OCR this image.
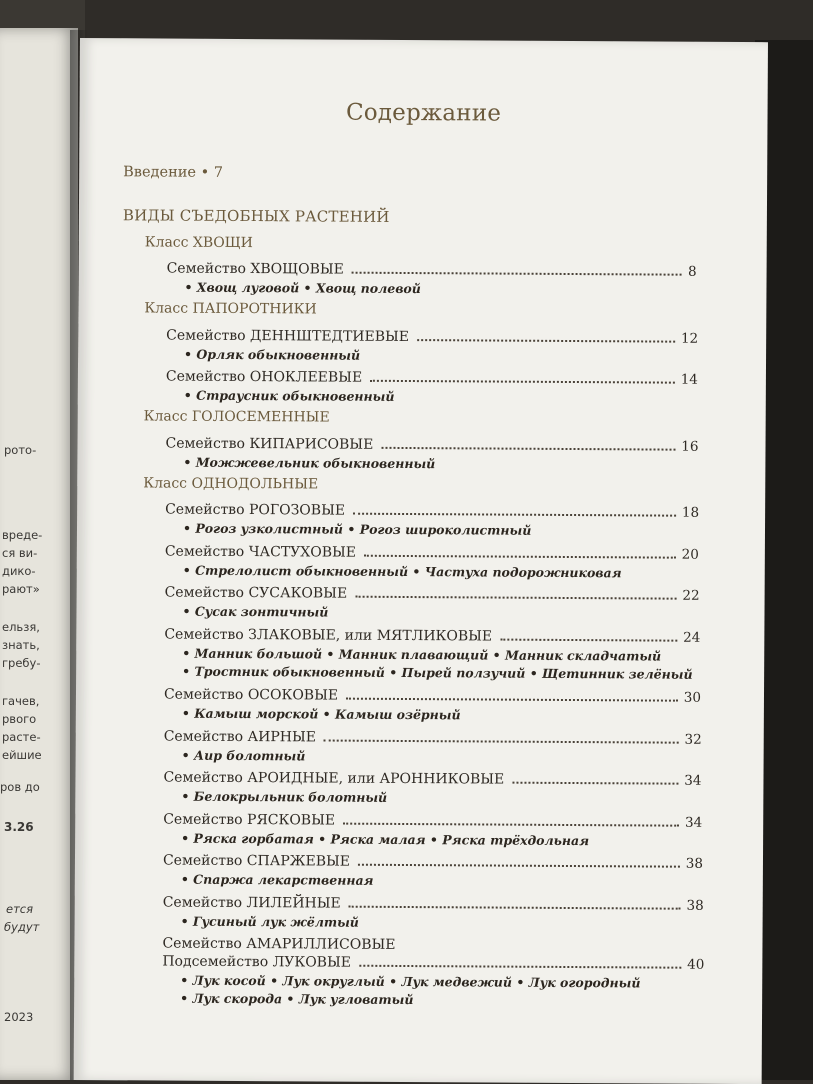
рото-
вреде-
ся ви-
дико-
рают»
ельзя,
знать,
гребу-
гачев,
рвого
расте-
ейшие
ров до
3.26
ется
будут
2023
Содержание
Введение • 7
ВИДЫ СЪЕДОБНЫХ РАСТЕНИЙ
Класс ХВОЩИ
Семейство ХВОЩОВЫЕ	8
• Хвощ луговой • Хвощ полевой
Класс ПАПОРОТНИКИ
Семейство ДЕННШТЕДТИЕВЫЕ	12
• Орляк обыкновенный
Семейство ОНОКЛЕЕВЫЕ	14
• Страусник обыкновенный
Класс ГОЛОСЕМЕННЫЕ
Семейство КИПАРИСОВЫЕ	16
• Можжевельник обыкновенный
Класс ОДНОДОЛЬНЫЕ
Семейство РОГОЗОВЫЕ	18
• Рогоз узколистный • Рогоз широколистный
Семейство ЧАСТУХОВЫЕ	20
• Стрелолист обыкновенный • Частуха подорожниковая
Семейство СУСАКОВЫЕ	22
• Сусак зонтичный
Семейство ЗЛАКОВЫЕ, или МЯТЛИКОВЫЕ	24
• Манник большой • Манник плавающий • Манник складчатый
• Тростник обыкновенный • Пырей ползучий • Щетинник зелёный
Семейство ОСОКОВЫЕ	30
• Камыш морской • Камыш озёрный
Семейство АИРНЫЕ	32
• Аир болотный
Семейство АРОИДНЫЕ, или АРОННИКОВЫЕ	34
• Белокрыльник болотный
Семейство РЯСКОВЫЕ	34
• Ряска горбатая • Ряска малая • Ряска трёхдольная
Семейство СПАРЖЕВЫЕ	38
• Спаржа лекарственная
Семейство ЛИЛЕЙНЫЕ	38
• Гусиный лук жёлтый
Семейство АМАРИЛЛИСОВЫЕ
Подсемейство ЛУКОВЫЕ	40
• Лук косой • Лук округлый • Лук медвежий • Лук огородный
• Лук скорода • Лук угловатый
